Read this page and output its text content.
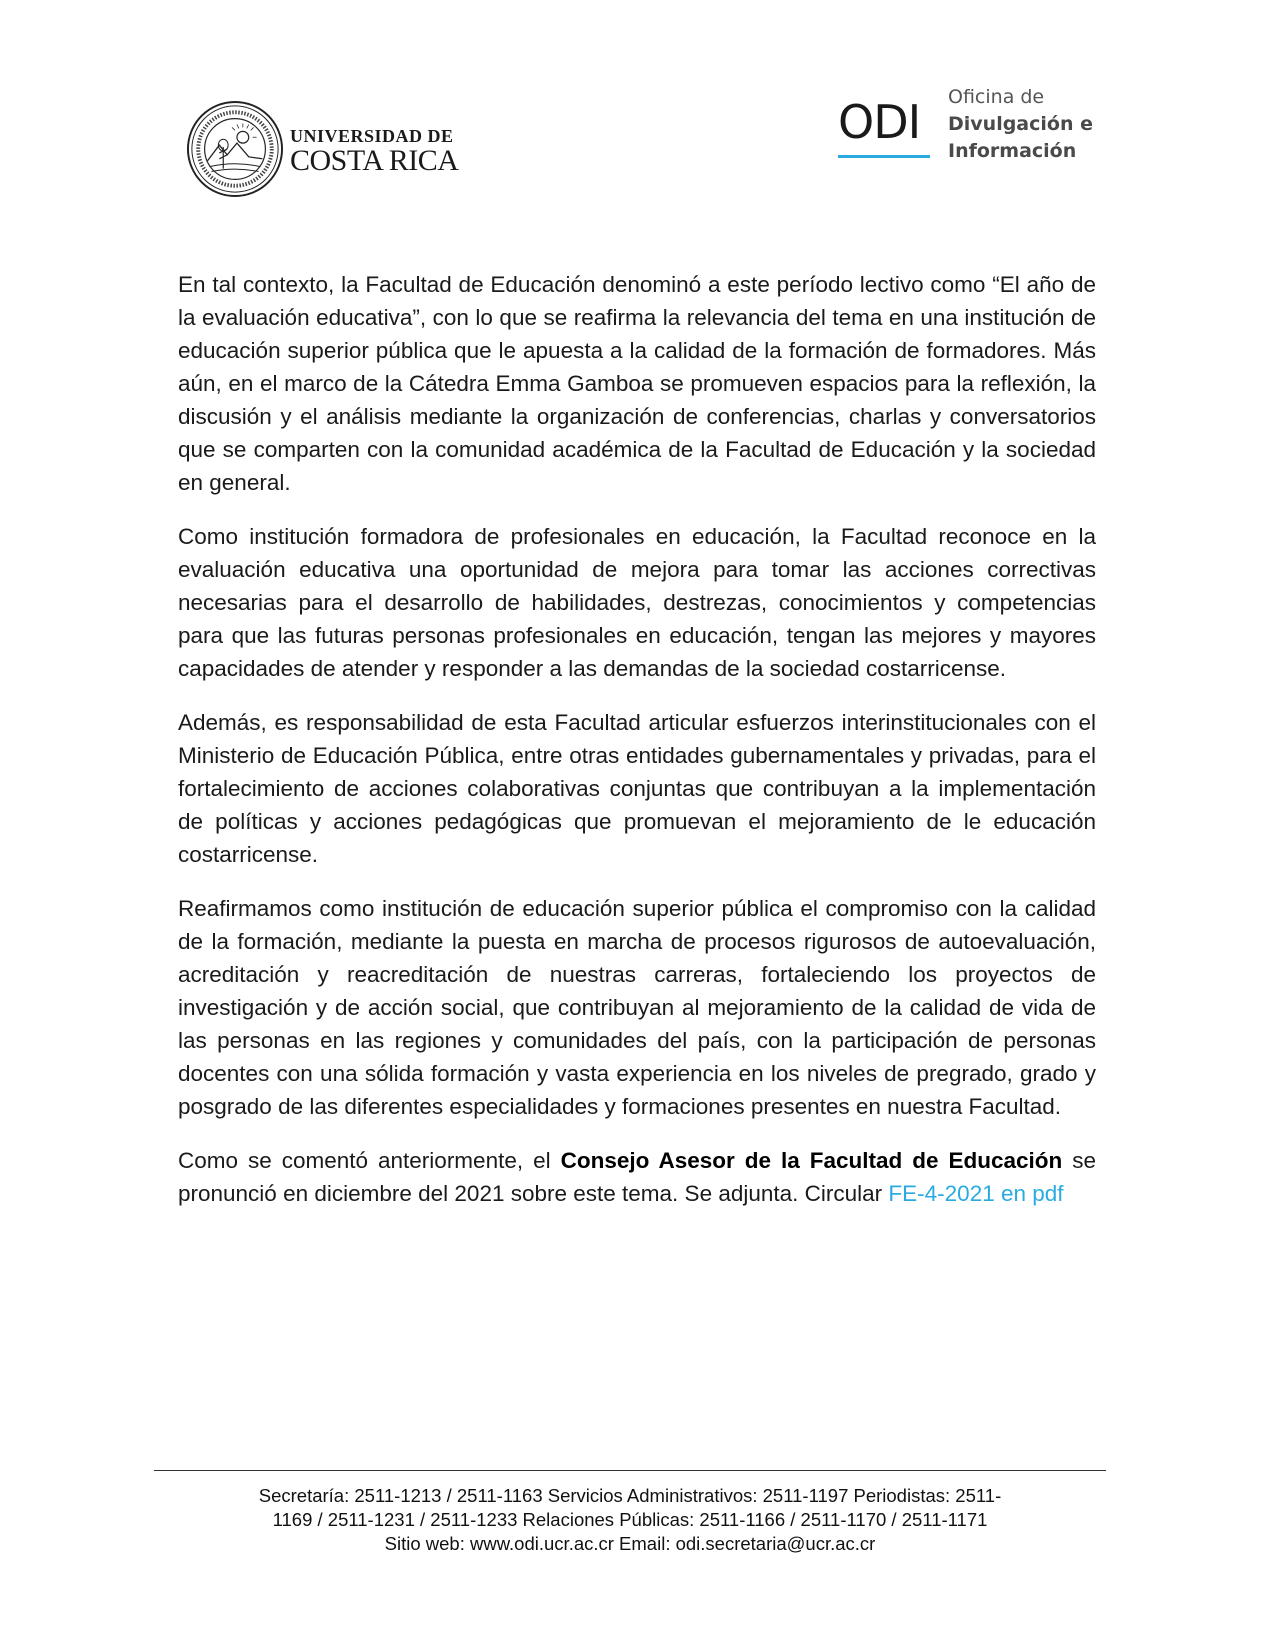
UNIVERSIDAD DE
COSTA RICA
ODI Oficina de
Divulgación e
Información

En tal contexto, la Facultad de Educación denominó a este período lectivo como “El año de la evaluación educativa”, con lo que se reafirma la relevancia del tema en una institución de educación superior pública que le apuesta a la calidad de la formación de formadores. Más aún, en el marco de la Cátedra Emma Gamboa se promueven espacios para la reflexión, la discusión y el análisis mediante la organización de conferencias, charlas y conversatorios que se comparten con la comunidad académica de la Facultad de Educación y la sociedad en general.

Como institución formadora de profesionales en educación, la Facultad reconoce en la evaluación educativa una oportunidad de mejora para tomar las acciones correctivas necesarias para el desarrollo de habilidades, destrezas, conocimientos y competencias para que las futuras personas profesionales en educación, tengan las mejores y mayores capacidades de atender y responder a las demandas de la sociedad costarricense.

Además, es responsabilidad de esta Facultad articular esfuerzos interinstitucionales con el Ministerio de Educación Pública, entre otras entidades gubernamentales y privadas, para el fortalecimiento de acciones colaborativas conjuntas que contribuyan a la implementación de políticas y acciones pedagógicas que promuevan el mejoramiento de le educación costarricense.

Reafirmamos como institución de educación superior pública el compromiso con la calidad de la formación, mediante la puesta en marcha de procesos rigurosos de autoevaluación, acreditación y reacreditación de nuestras carreras, fortaleciendo los proyectos de investigación y de acción social, que contribuyan al mejoramiento de la calidad de vida de las personas en las regiones y comunidades del país, con la participación de personas docentes con una sólida formación y vasta experiencia en los niveles de pregrado, grado y posgrado de las diferentes especialidades y formaciones presentes en nuestra Facultad.

Como se comentó anteriormente, el Consejo Asesor de la Facultad de Educación se pronunció en diciembre del 2021 sobre este tema. Se adjunta. Circular FE-4-2021 en pdf

Secretaría: 2511-1213 / 2511-1163 Servicios Administrativos: 2511-1197 Periodistas: 2511-
1169 / 2511-1231 / 2511-1233 Relaciones Públicas: 2511-1166 / 2511-1170 / 2511-1171
Sitio web: www.odi.ucr.ac.cr Email: odi.secretaria@ucr.ac.cr
